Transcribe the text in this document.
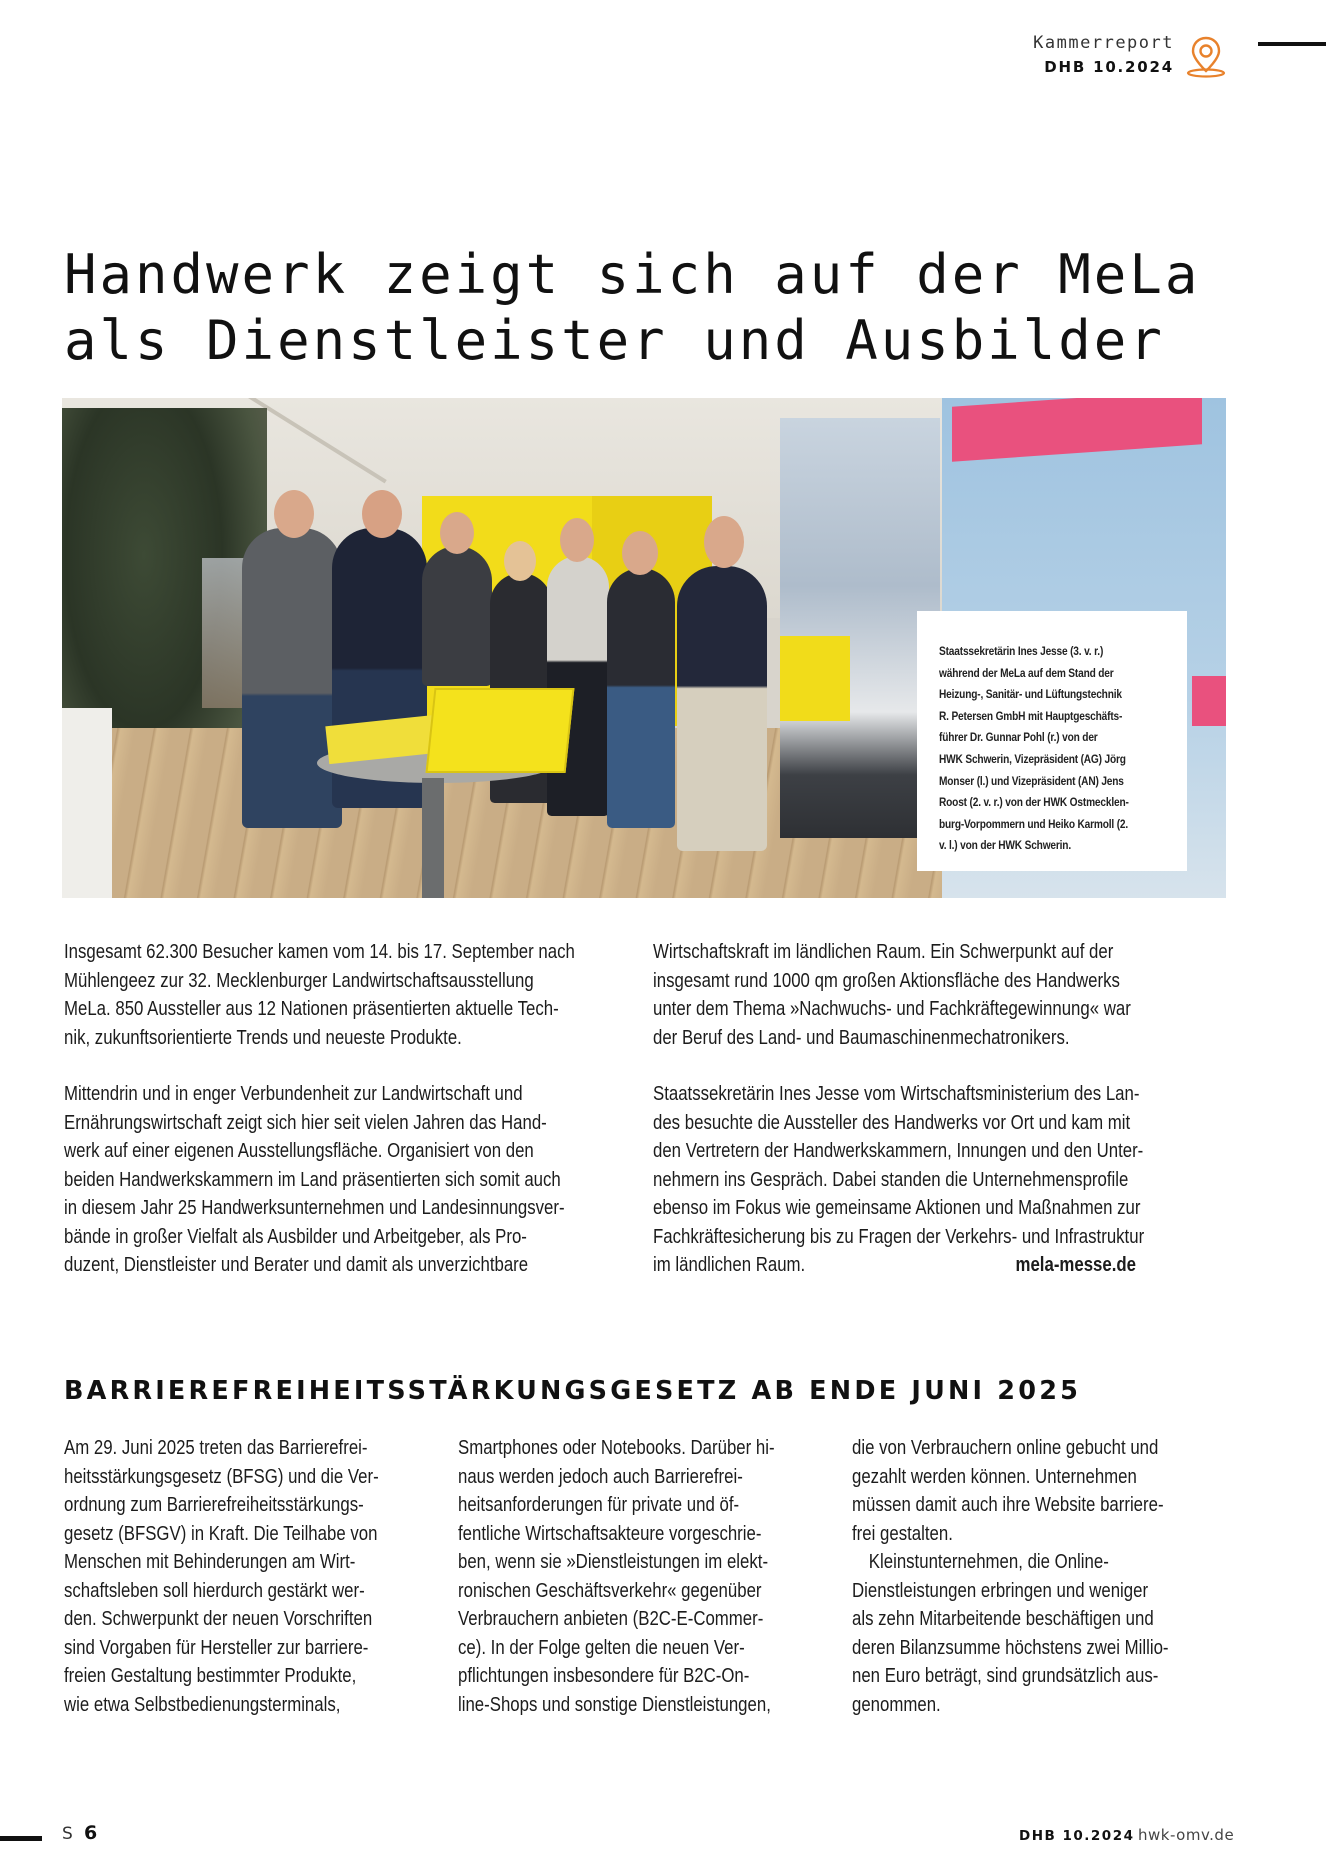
Kammerreport
DHB 10.2024
Handwerk zeigt sich auf der MeLa
als Dienstleister und Ausbilder
Staatssekretärin Ines Jesse (3. v. r.)
während der MeLa auf dem Stand der
Heizung-, Sanitär- und Lüftungstechnik
R. Petersen GmbH mit Hauptgeschäfts-
führer Dr. Gunnar Pohl (r.) von der
HWK Schwerin, Vizepräsident (AG) Jörg
Monser (l.) und Vizepräsident (AN) Jens
Roost (2. v. r.) von der HWK Ostmecklen-
burg-Vorpommern und Heiko Karmoll (2.
v. l.) von der HWK Schwerin.

Insgesamt 62.300 Besucher kamen vom 14. bis 17. September nach
Mühlengeez zur 32. Mecklenburger Landwirtschaftsausstellung
MeLa. 850 Aussteller aus 12 Nationen präsentierten aktuelle Tech-
nik, zukunftsorientierte Trends und neueste Produkte.

Mittendrin und in enger Verbundenheit zur Landwirtschaft und
Ernährungswirtschaft zeigt sich hier seit vielen Jahren das Hand-
werk auf einer eigenen Ausstellungsfläche. Organisiert von den
beiden Handwerkskammern im Land präsentierten sich somit auch
in diesem Jahr 25 Handwerksunternehmen und Landesinnungsver-
bände in großer Vielfalt als Ausbilder und Arbeitgeber, als Pro-
duzent, Dienstleister und Berater und damit als unverzichtbare

Wirtschaftskraft im ländlichen Raum. Ein Schwerpunkt auf der
insgesamt rund 1000 qm großen Aktionsfläche des Handwerks
unter dem Thema »Nachwuchs- und Fachkräftegewinnung« war
der Beruf des Land- und Baumaschinenmechatronikers.

Staatssekretärin Ines Jesse vom Wirtschaftsministerium des Lan-
des besuchte die Aussteller des Handwerks vor Ort und kam mit
den Vertretern der Handwerkskammern, Innungen und den Unter-
nehmern ins Gespräch. Dabei standen die Unternehmensprofile
ebenso im Fokus wie gemeinsame Aktionen und Maßnahmen zur
Fachkräftesicherung bis zu Fragen der Verkehrs- und Infrastruktur
im ländlichen Raum.	mela-messe.de

BARRIEREFREIHEITSSTÄRKUNGSGESETZ AB ENDE JUNI 2025
Am 29. Juni 2025 treten das Barrierefrei-
heitsstärkungsgesetz (BFSG) und die Ver-
ordnung zum Barrierefreiheitsstärkungs-
gesetz (BFSGV) in Kraft. Die Teilhabe von
Menschen mit Behinderungen am Wirt-
schaftsleben soll hierdurch gestärkt wer-
den. Schwerpunkt der neuen Vorschriften
sind Vorgaben für Hersteller zur barriere-
freien Gestaltung bestimmter Produkte,
wie etwa Selbstbedienungsterminals,
Smartphones oder Notebooks. Darüber hi-
naus werden jedoch auch Barrierefrei-
heitsanforderungen für private und öf-
fentliche Wirtschaftsakteure vorgeschrie-
ben, wenn sie »Dienstleistungen im elekt-
ronischen Geschäftsverkehr« gegenüber
Verbrauchern anbieten (B2C-E-Commer-
ce). In der Folge gelten die neuen Ver-
pflichtungen insbesondere für B2C-On-
line-Shops und sonstige Dienstleistungen,
die von Verbrauchern online gebucht und
gezahlt werden können. Unternehmen
müssen damit auch ihre Website barriere-
frei gestalten.
Kleinstunternehmen, die Online-
Dienstleistungen erbringen und weniger
als zehn Mitarbeitende beschäftigen und
deren Bilanzsumme höchstens zwei Millio-
nen Euro beträgt, sind grundsätzlich aus-
genommen.
S 6	DHB 10.2024 hwk-omv.de
